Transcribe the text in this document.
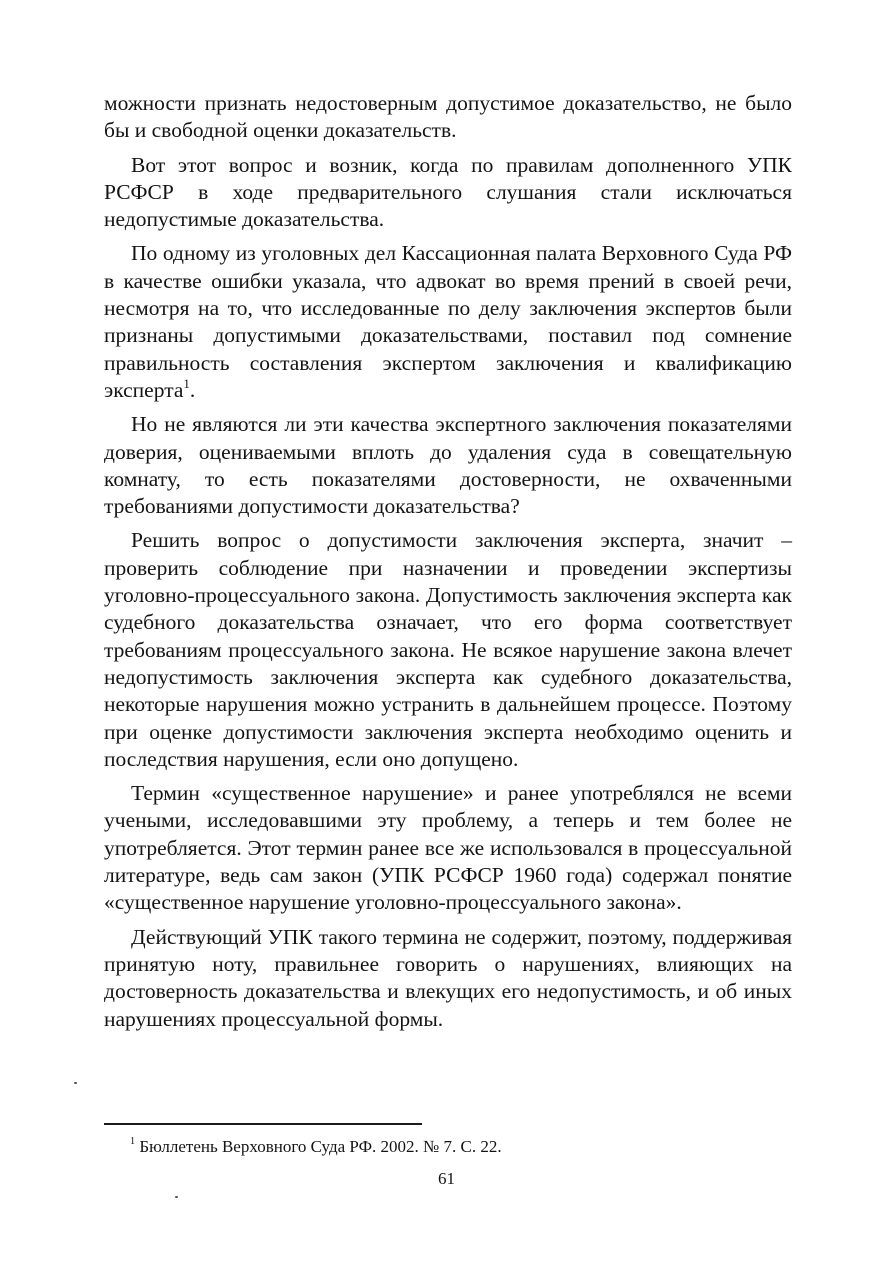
можности признать недостоверным допустимое доказательство, не было бы и свободной оценки доказательств.

Вот этот вопрос и возник, когда по правилам дополненного УПК РСФСР в ходе предварительного слушания стали исключаться недопустимые доказательства.

По одному из уголовных дел Кассационная палата Верховного Суда РФ в качестве ошибки указала, что адвокат во время прений в своей речи, несмотря на то, что исследованные по делу заключения экспертов были признаны допустимыми доказательствами, поставил под сомнение правильность составления экспертом заключения и квалификацию эксперта$^1$.

Но не являются ли эти качества экспертного заключения показателями доверия, оцениваемыми вплоть до удаления суда в совещательную комнату, то есть показателями достоверности, не охваченными требованиями допустимости доказательства?

Решить вопрос о допустимости заключения эксперта, значит – проверить соблюдение при назначении и проведении экспертизы уголовно-процессуального закона. Допустимость заключения эксперта как судебного доказательства означает, что его форма соответствует требованиям процессуального закона. Не всякое нарушение закона влечет недопустимость заключения эксперта как судебного доказательства, некоторые нарушения можно устранить в дальнейшем процессе. Поэтому при оценке допустимости заключения эксперта необходимо оценить и последствия нарушения, если оно допущено.

Термин «существенное нарушение» и ранее употреблялся не всеми учеными, исследовавшими эту проблему, а теперь и тем более не употребляется. Этот термин ранее все же использовался в процессуальной литературе, ведь сам закон (УПК РСФСР 1960 года) содержал понятие «существенное нарушение уголовно-процессуального закона».

Действующий УПК такого термина не содержит, поэтому, поддерживая принятую ноту, правильнее говорить о нарушениях, влияющих на достоверность доказательства и влекущих его недопустимость, и об иных нарушениях процессуальной формы.

$^1$ Бюллетень Верховного Суда РФ. 2002. № 7. С. 22.
61
